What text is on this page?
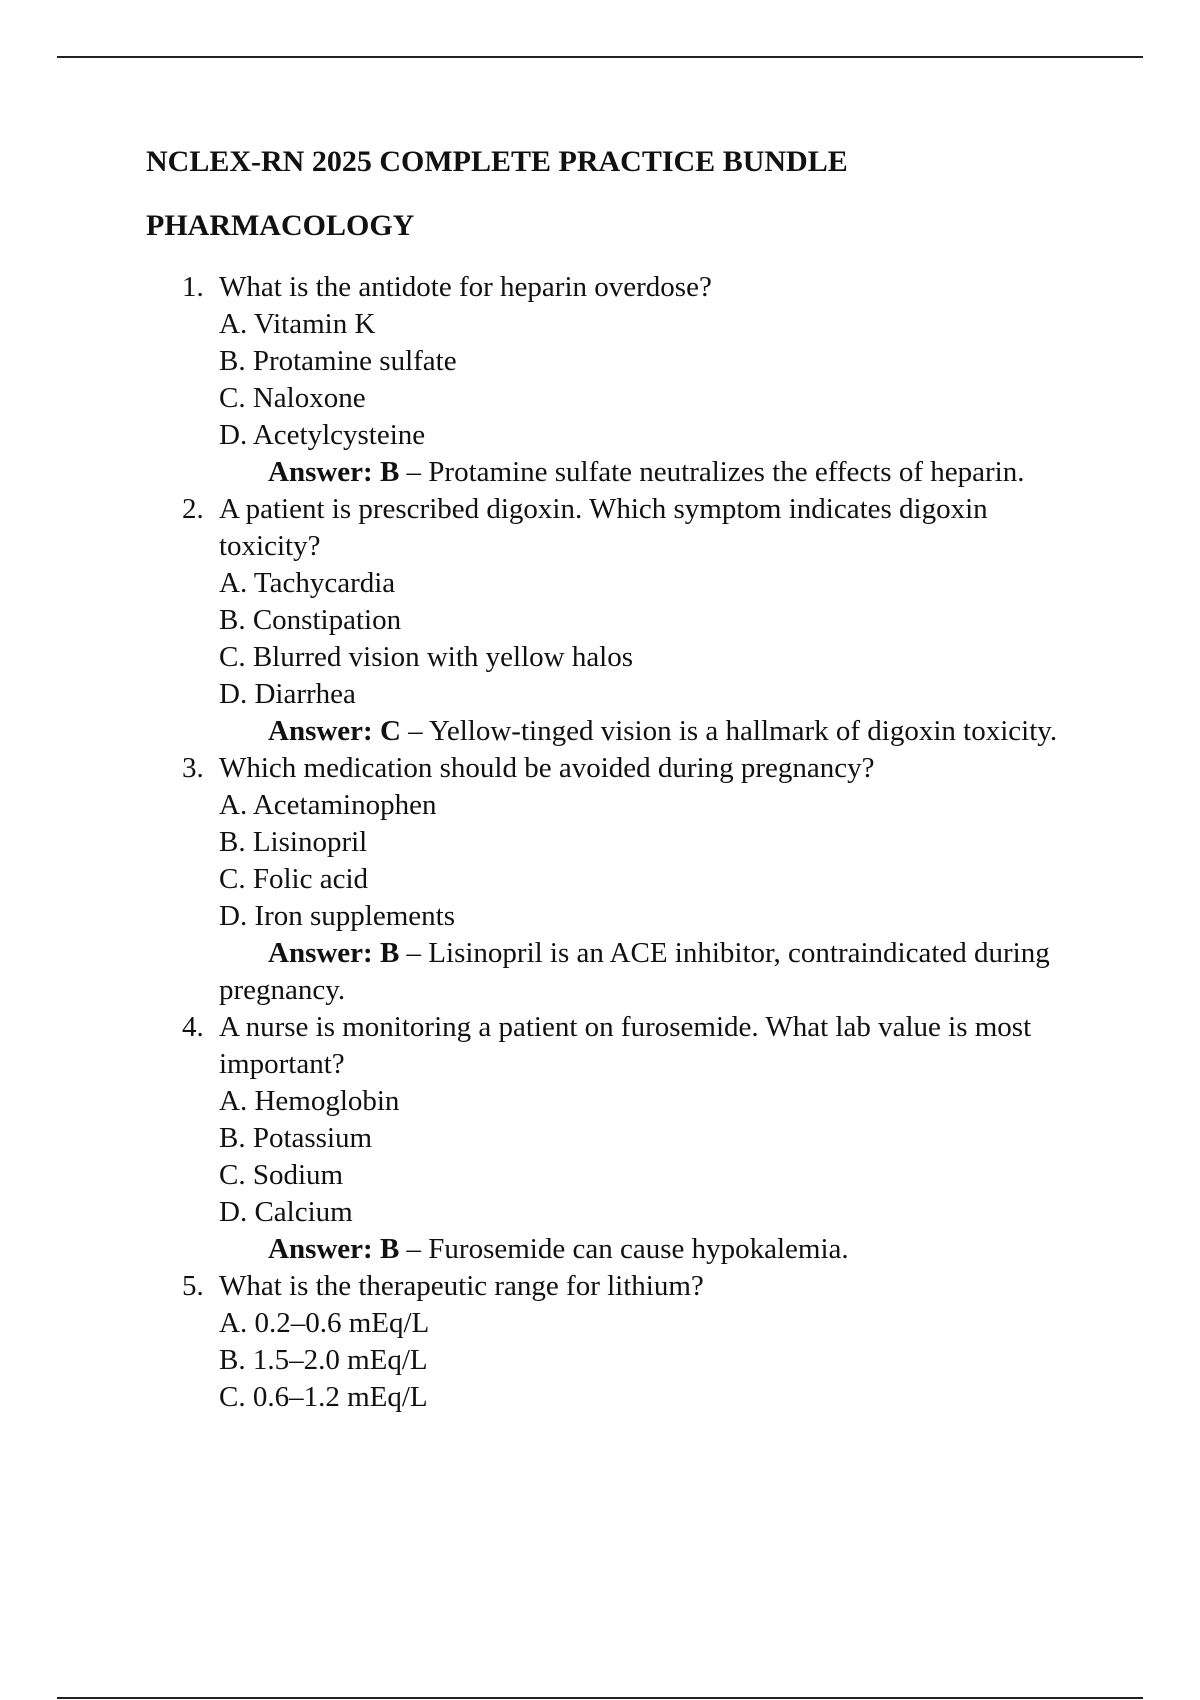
NCLEX-RN 2025 COMPLETE PRACTICE BUNDLE
PHARMACOLOGY
1. What is the antidote for heparin overdose?
A. Vitamin K
B. Protamine sulfate
C. Naloxone
D. Acetylcysteine
Answer: B – Protamine sulfate neutralizes the effects of heparin.
2. A patient is prescribed digoxin. Which symptom indicates digoxin toxicity?
A. Tachycardia
B. Constipation
C. Blurred vision with yellow halos
D. Diarrhea
Answer: C – Yellow-tinged vision is a hallmark of digoxin toxicity.
3. Which medication should be avoided during pregnancy?
A. Acetaminophen
B. Lisinopril
C. Folic acid
D. Iron supplements
Answer: B – Lisinopril is an ACE inhibitor, contraindicated during pregnancy.
4. A nurse is monitoring a patient on furosemide. What lab value is most important?
A. Hemoglobin
B. Potassium
C. Sodium
D. Calcium
Answer: B – Furosemide can cause hypokalemia.
5. What is the therapeutic range for lithium?
A. 0.2–0.6 mEq/L
B. 1.5–2.0 mEq/L
C. 0.6–1.2 mEq/L
